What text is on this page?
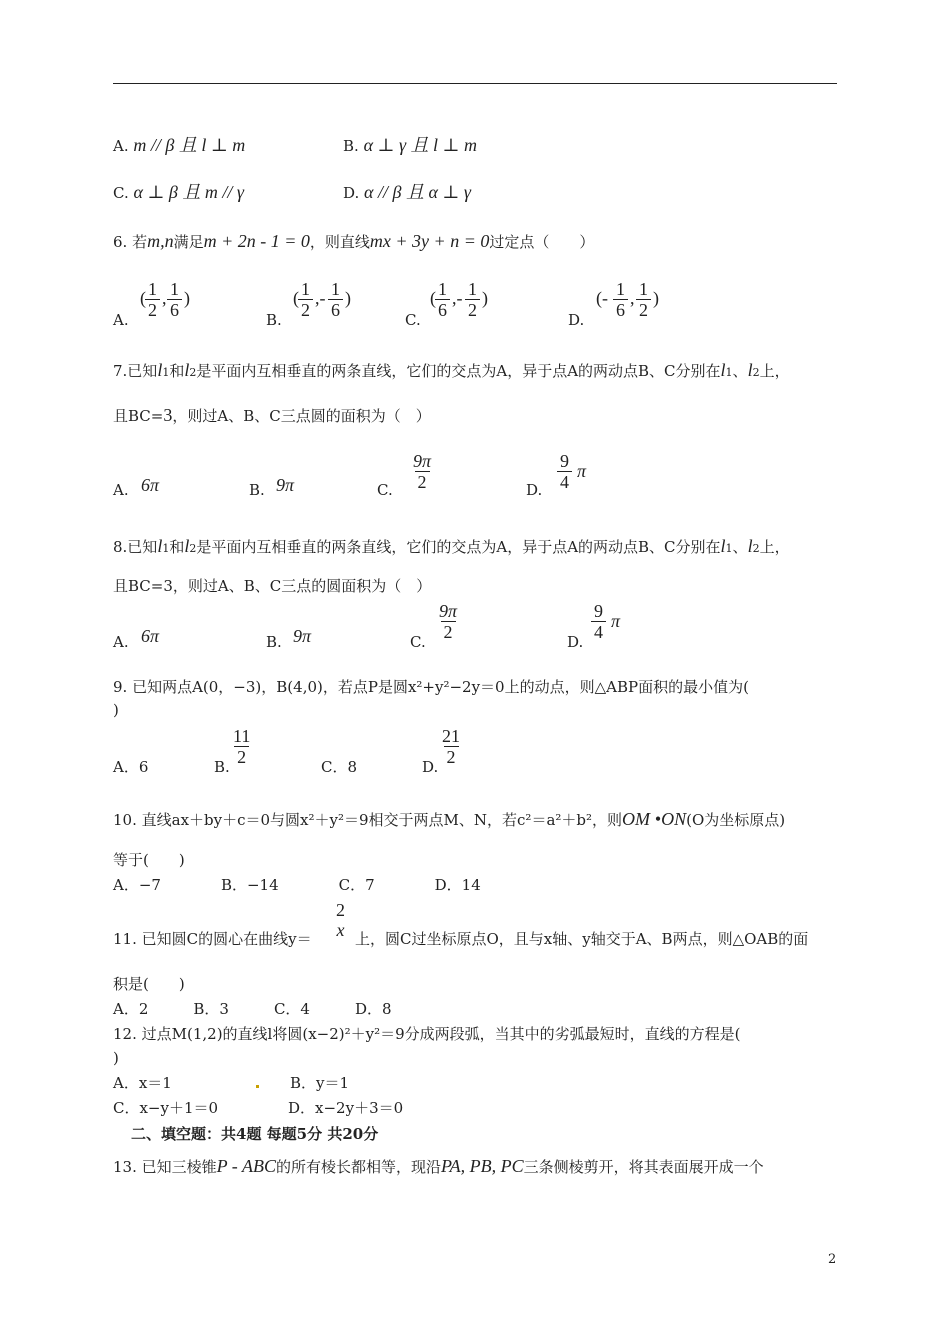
A. m // β 且 l ⊥ m	B. α ⊥ γ 且 l ⊥ m
C. α ⊥ β 且 m // γ	D. α // β 且 α ⊥ γ
6. 若m,n满足m + 2n - 1 = 0，则直线mx + 3y + n = 0过定点（　　）
A.
( $\frac{1}{2}$ , $\frac{1}{6}$ )
B.
( $\frac{1}{2}$ ,- $\frac{1}{6}$ )
C.
( $\frac{1}{6}$ ,- $\frac{1}{2}$ )
D.
(- $\frac{1}{6}$ , $\frac{1}{2}$ )
7.已知l1和l2是平面内互相垂直的两条直线，它们的交点为A，异于点A的两动点B、C分别在l1、l2上，
且BC=3，则过A、B、C三点圆的面积为（　）
A. 6π	B. 9π	C. $\frac{9\pi}{2}$	D. $\frac{9}{4}$ π
8.已知l1和l2是平面内互相垂直的两条直线，它们的交点为A，异于点A的两动点B、C分别在l1、l2上，
且BC=3，则过A、B、C三点的圆面积为（　）
A. 6π	B. 9π	C. $\frac{9\pi}{2}$	D. $\frac{9}{4}$ π
9. 已知两点A(0，−3)，B(4,0)，若点P是圆x²+y²−2y＝0上的动点，则△ABP面积的最小值为(
)
A．6	B. $\frac{11}{2}$	C．8	D. $\frac{21}{2}$
10. 直线ax＋by＋c＝0与圆x²＋y²＝9相交于两点M、N，若c²＝a²＋b²，则OM •ON(O为坐标原点)
等于(　　)
A．−7　　　　B．−14　　　　C．7　　　　D．14
11. 已知圆C的圆心在曲线y＝
2
x 上，圆C过坐标原点O，且与x轴、y轴交于A、B两点，则△OAB的面
积是(　　)
A．2　　　B．3　　　C．4　　　D．8
12. 过点M(1,2)的直线l将圆(x−2)²＋y²＝9分成两段弧，当其中的劣弧最短时，直线的方程是(
)
A．x＝1	B．y＝1
C．x−y＋1＝0	D．x−2y＋3＝0
二、填空题：共4题 每题5分 共20分
13. 已知三棱锥P - ABC的所有棱长都相等，现沿PA, PB, PC三条侧棱剪开，将其表面展开成一个
2
